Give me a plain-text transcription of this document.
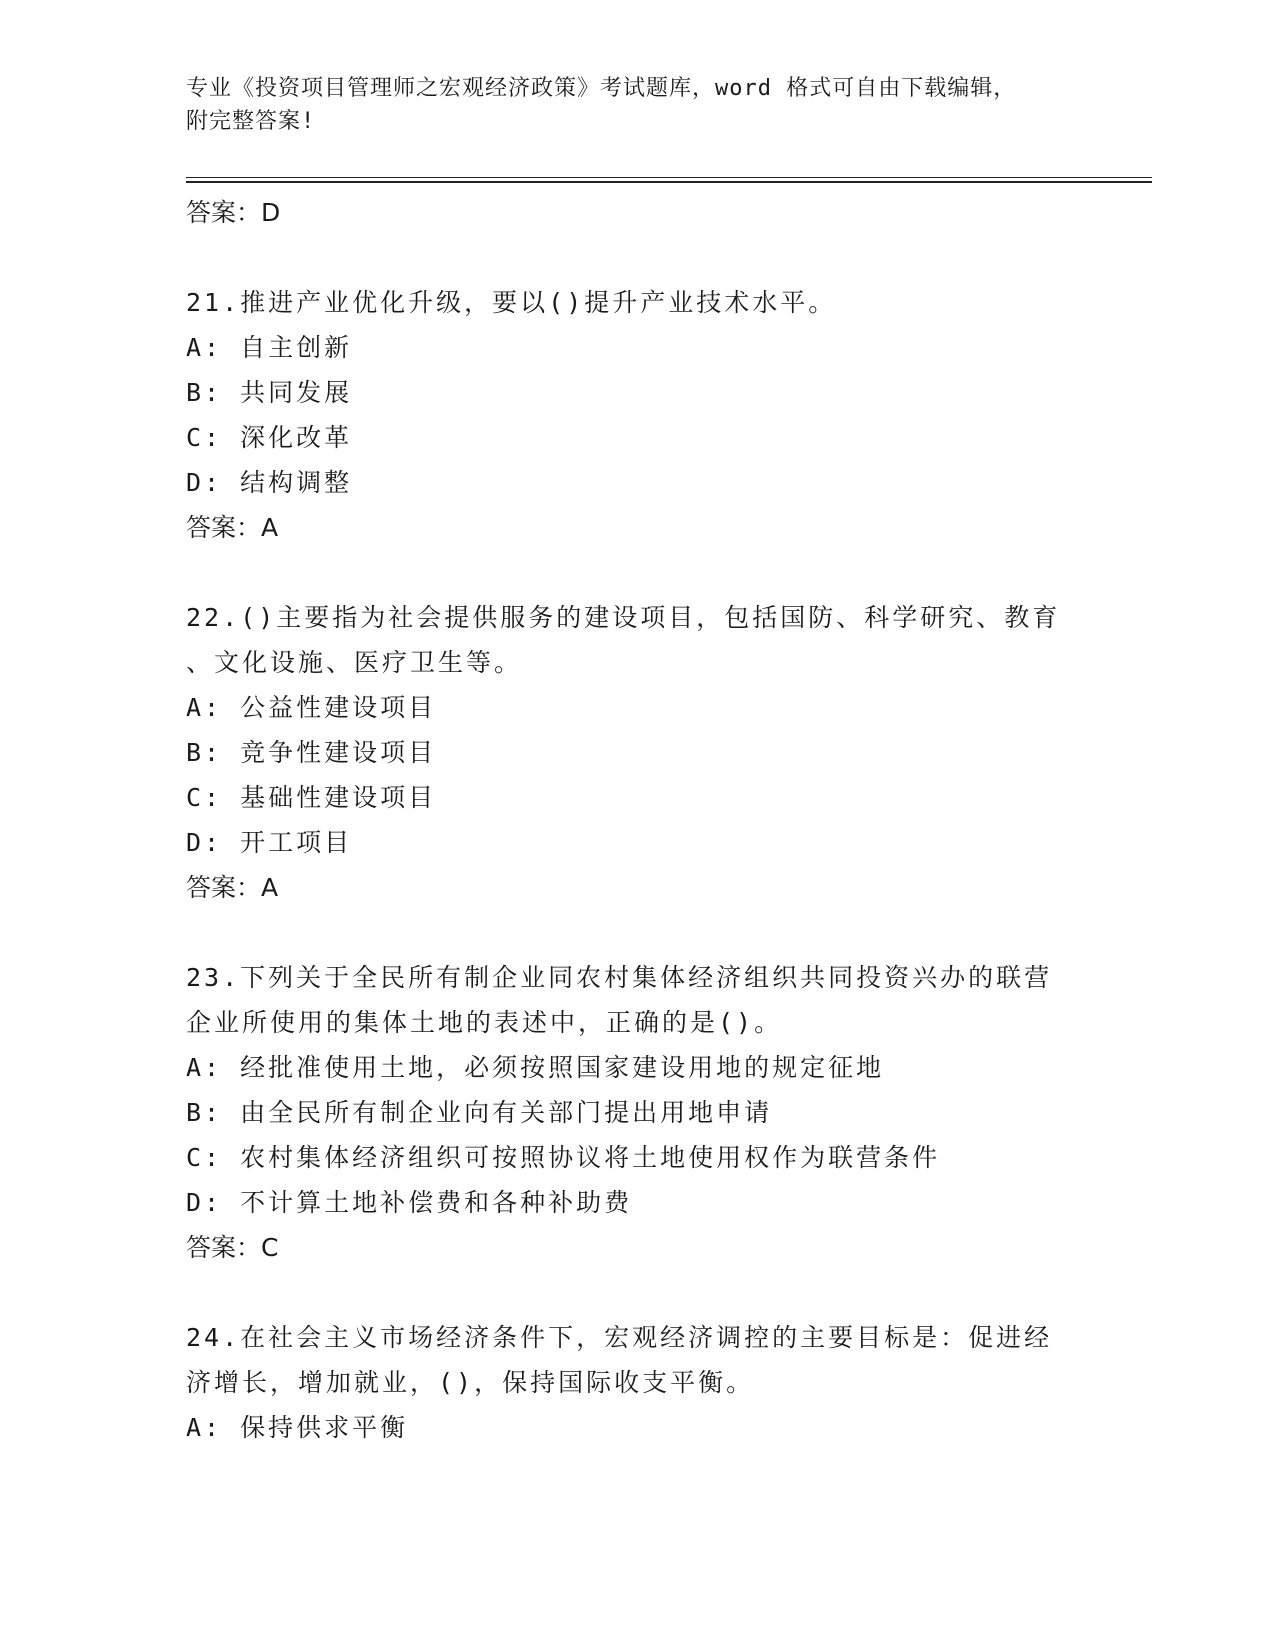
专业《投资项目管理师之宏观经济政策》考试题库，word 格式可自由下载编辑，
附完整答案!
答案：D
21.推进产业优化升级，要以()提升产业技术水平。
A: 自主创新
B: 共同发展
C: 深化改革
D: 结构调整
答案：A
22.()主要指为社会提供服务的建设项目，包括国防、科学研究、教育
、文化设施、医疗卫生等。
A: 公益性建设项目
B: 竞争性建设项目
C: 基础性建设项目
D: 开工项目
答案：A
23.下列关于全民所有制企业同农村集体经济组织共同投资兴办的联营
企业所使用的集体土地的表述中，正确的是()。
A: 经批准使用土地，必须按照国家建设用地的规定征地
B: 由全民所有制企业向有关部门提出用地申请
C: 农村集体经济组织可按照协议将土地使用权作为联营条件
D: 不计算土地补偿费和各种补助费
答案：C
24.在社会主义市场经济条件下，宏观经济调控的主要目标是：促进经
济增长，增加就业，()，保持国际收支平衡。
A: 保持供求平衡
